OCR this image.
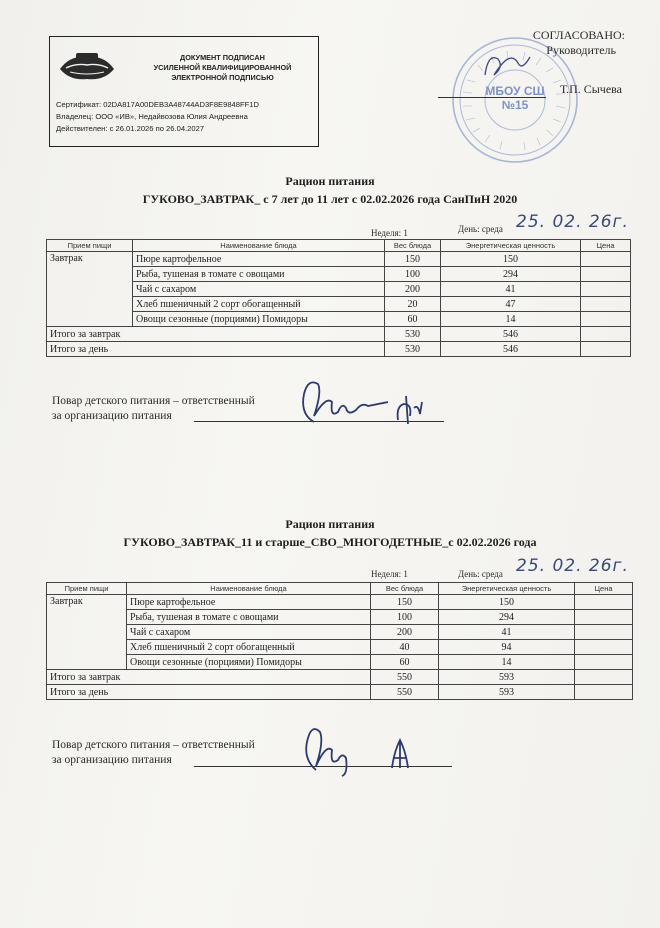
ДОКУМЕНТ ПОДПИСАН
УСИЛЕННОЙ КВАЛИФИЦИРОВАННОЙ
ЭЛЕКТРОННОЙ ПОДПИСЬЮ
Сертификат: 02DA817A00DEB3A48744AD3F8E9848FF1D
Владелец: ООО «ИВ», Недайвозова Юлия Андреевна
Действителен: с 26.01.2026 по 26.04.2027
МБОУ СШ №15
СОГЛАСОВАНО:
Руководитель
Т.П. Сычева
Рацион питания
ГУКОВО_ЗАВТРАК_ с 7 лет до 11 лет с 02.02.2026 года СанПиН 2020
Неделя: 1	День: среда 25. 02. 26г.
Прием пищи	Наименование блюда	Вес блюда	Энергетическая ценность	Цена
Завтрак	Пюре картофельное	150	150	
	Рыба, тушеная в томате с овощами	100	294	
	Чай с сахаром	200	41	
	Хлеб пшеничный 2 сорт обогащенный	20	47	
	Овощи сезонные (порциями) Помидоры	60	14	
Итого за завтрак		530	546	
Итого за день		530	546	
Повар детского питания – ответственный
за организацию питания
Рацион питания
ГУКОВО_ЗАВТРАК_11 и старше_СВО_МНОГОДЕТНЫЕ_с 02.02.2026 года
Неделя: 1	День: среда 25. 02. 26г.
Прием пищи	Наименование блюда	Вес блюда	Энергетическая ценность	Цена
Завтрак	Пюре картофельное	150	150	
	Рыба, тушеная в томате с овощами	100	294	
	Чай с сахаром	200	41	
	Хлеб пшеничный 2 сорт обогащенный	40	94	
	Овощи сезонные (порциями) Помидоры	60	14	
Итого за завтрак		550	593	
Итого за день		550	593	
Повар детского питания – ответственный
за организацию питания
